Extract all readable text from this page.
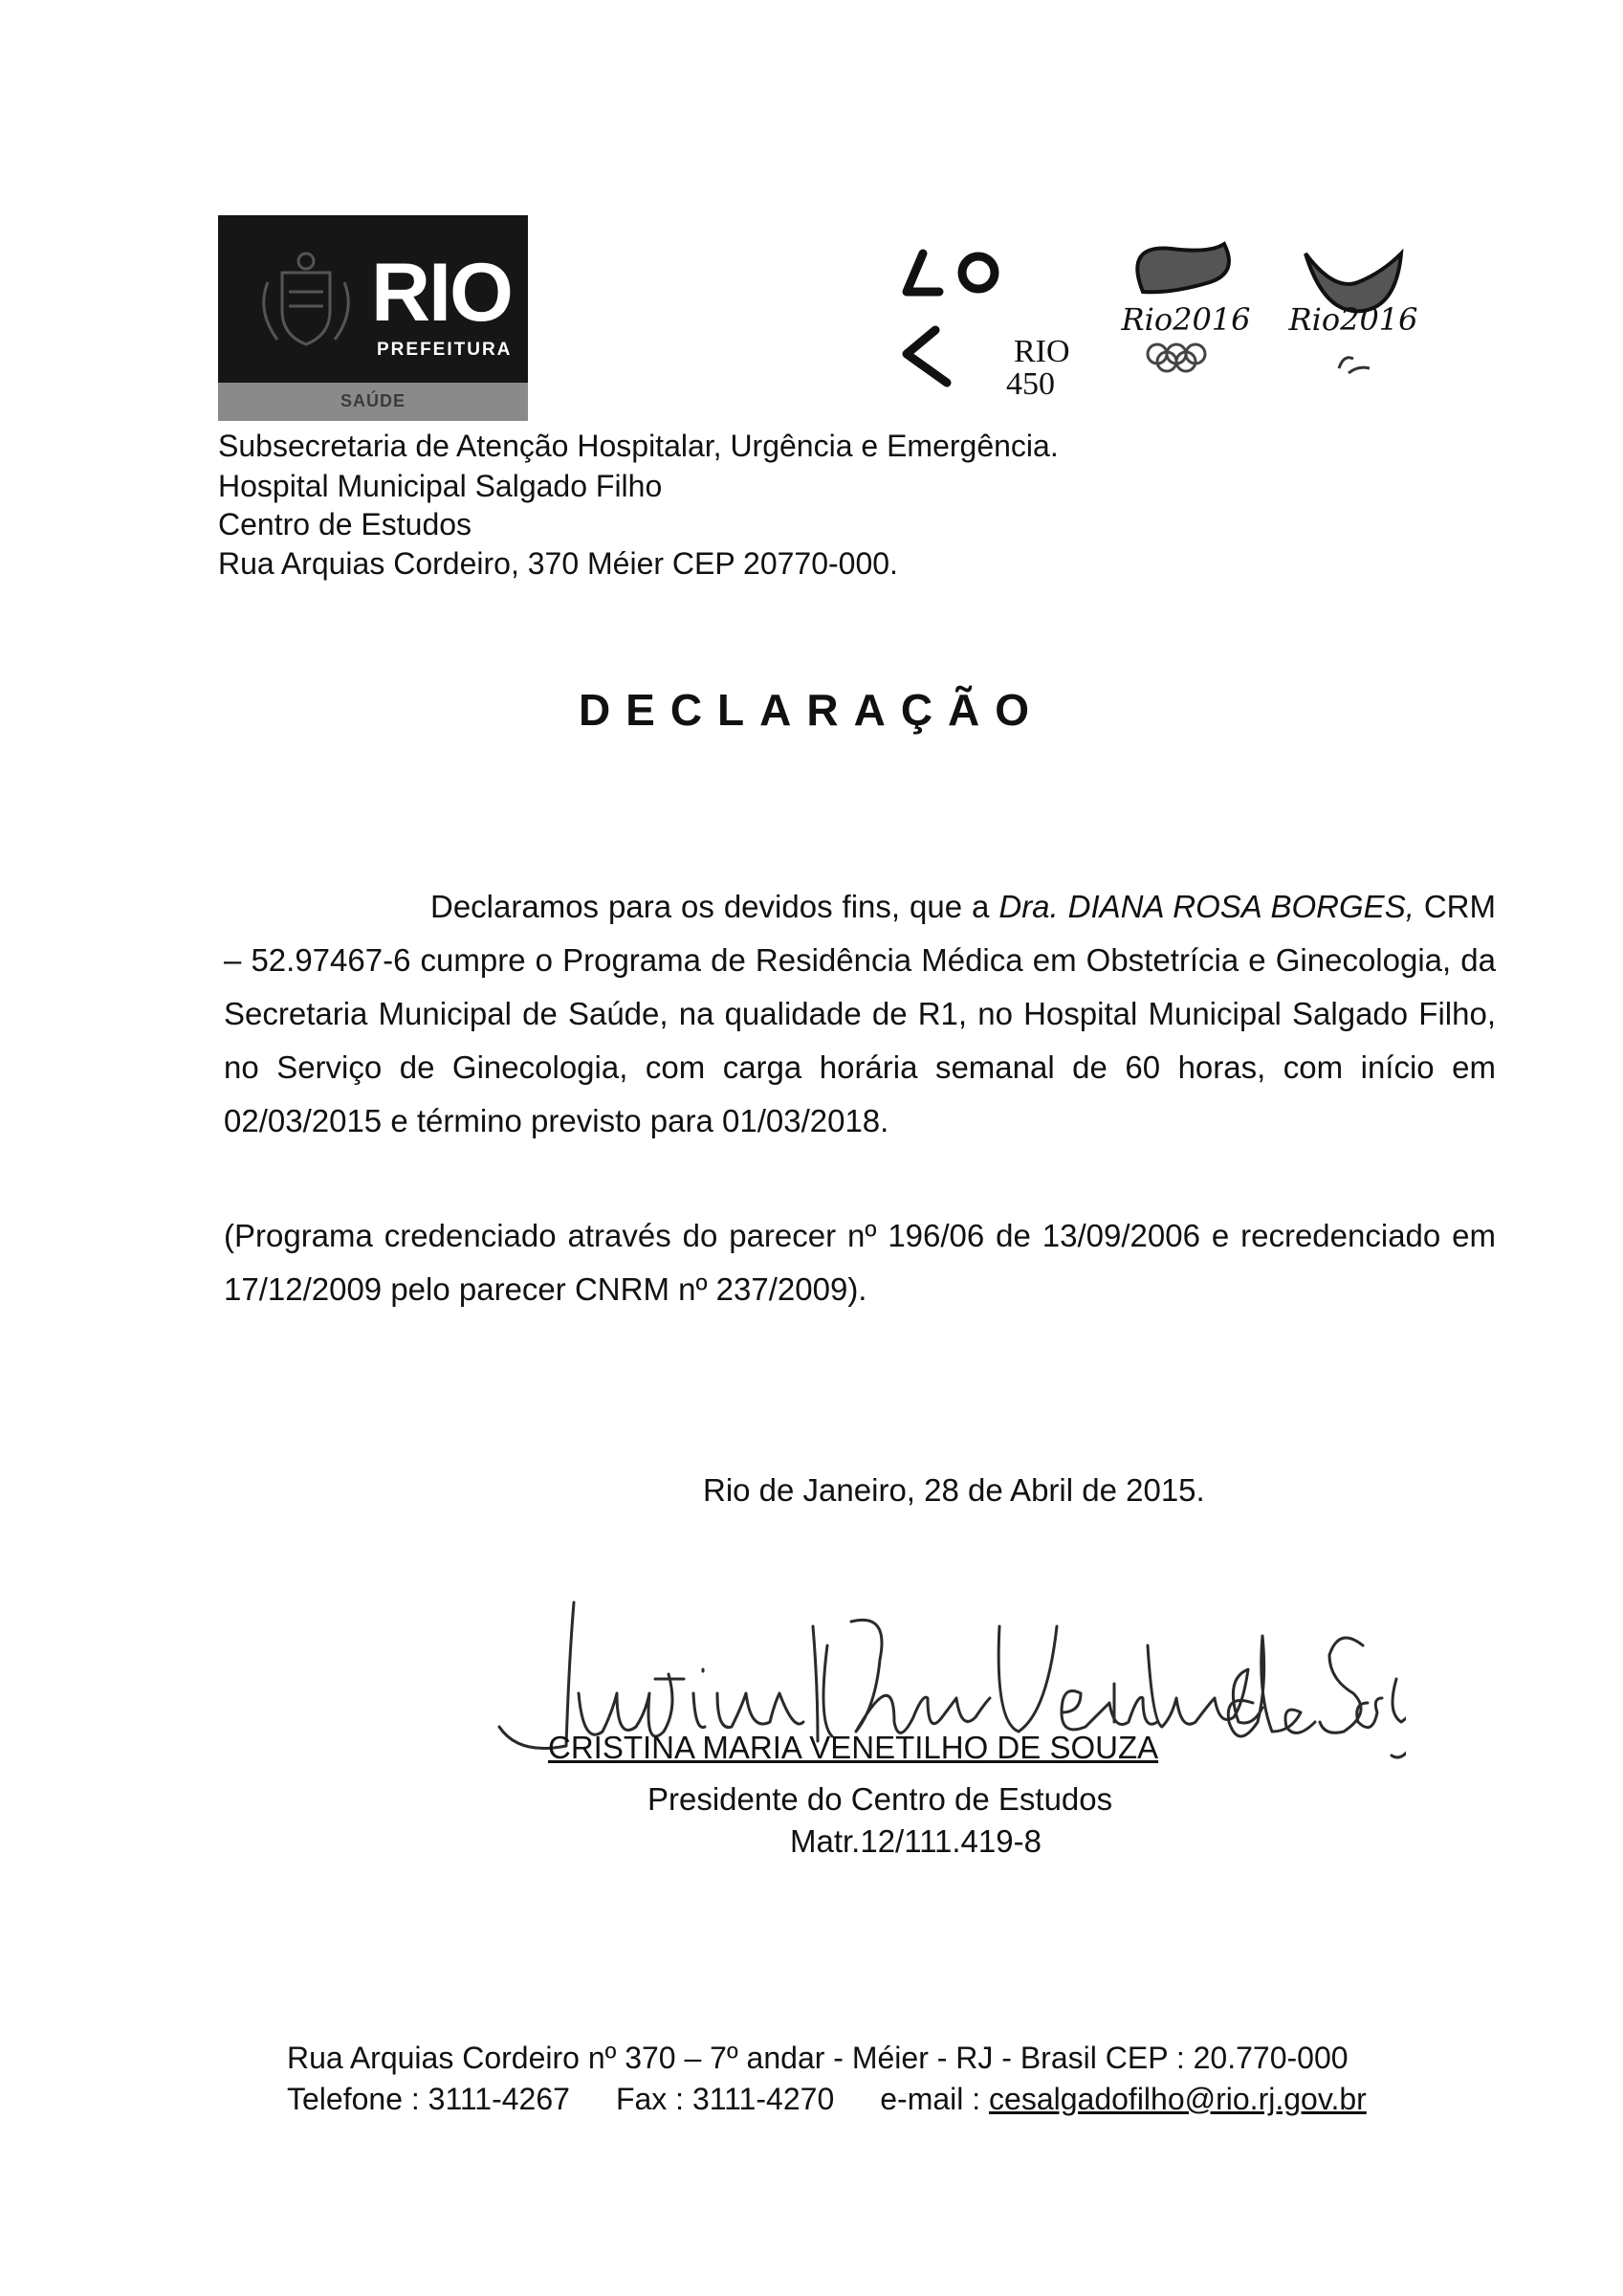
RIO
PREFEITURA
SAÚDE
RIO
450
Rio2016 Rio2016
Subsecretaria de Atenção Hospitalar, Urgência e Emergência.
Hospital Municipal Salgado Filho
Centro de Estudos
Rua Arquias Cordeiro, 370 Méier CEP 20770-000.
DECLARAÇÃO
Declaramos para os devidos fins, que a Dra. DIANA ROSA BORGES, CRM – 52.97467-6 cumpre o Programa de Residência Médica em Obstetrícia e Ginecologia, da Secretaria Municipal de Saúde, na qualidade de R1, no Hospital Municipal Salgado Filho, no Serviço de Ginecologia, com carga horária semanal de 60 horas, com início em 02/03/2015 e término previsto para 01/03/2018.
(Programa credenciado através do parecer nº 196/06 de 13/09/2006 e recredenciado em 17/12/2009 pelo parecer CNRM nº 237/2009).
Rio de Janeiro, 28 de Abril de 2015.
CRISTINA MARIA VENETILHO DE SOUZA
Presidente do Centro de Estudos
Matr.12/111.419-8
Rua Arquias Cordeiro nº 370 – 7º andar - Méier - RJ - Brasil CEP : 20.770-000
Telefone : 3111-4267 Fax : 3111-4270 e-mail : cesalgadofilho@rio.rj.gov.br
